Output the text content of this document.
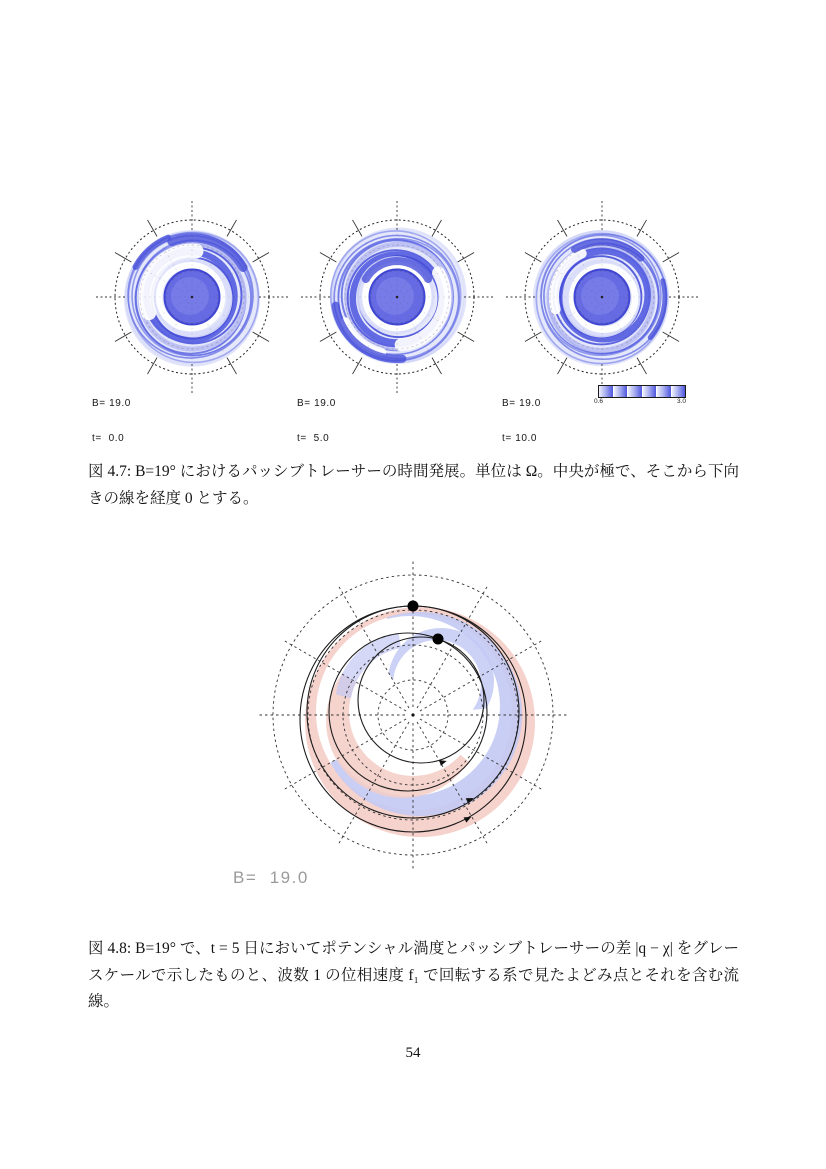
B= 19.0

t=  0.0

B= 19.0

t=  5.0

B= 19.0

t= 10.0

0.6	3.0

図 4.7: B=19° におけるパッシブトレーサーの時間発展。単位は Ω。中央が極で、そこから下向きの線を経度 0 とする。

B=  19.0

図 4.8: B=19° で、t = 5 日においてポテンシャル渦度とパッシブトレーサーの差 |q − χ| をグレースケールで示したものと、波数 1 の位相速度 f₁ で回転する系で見たよどみ点とそれを含む流線。

54
